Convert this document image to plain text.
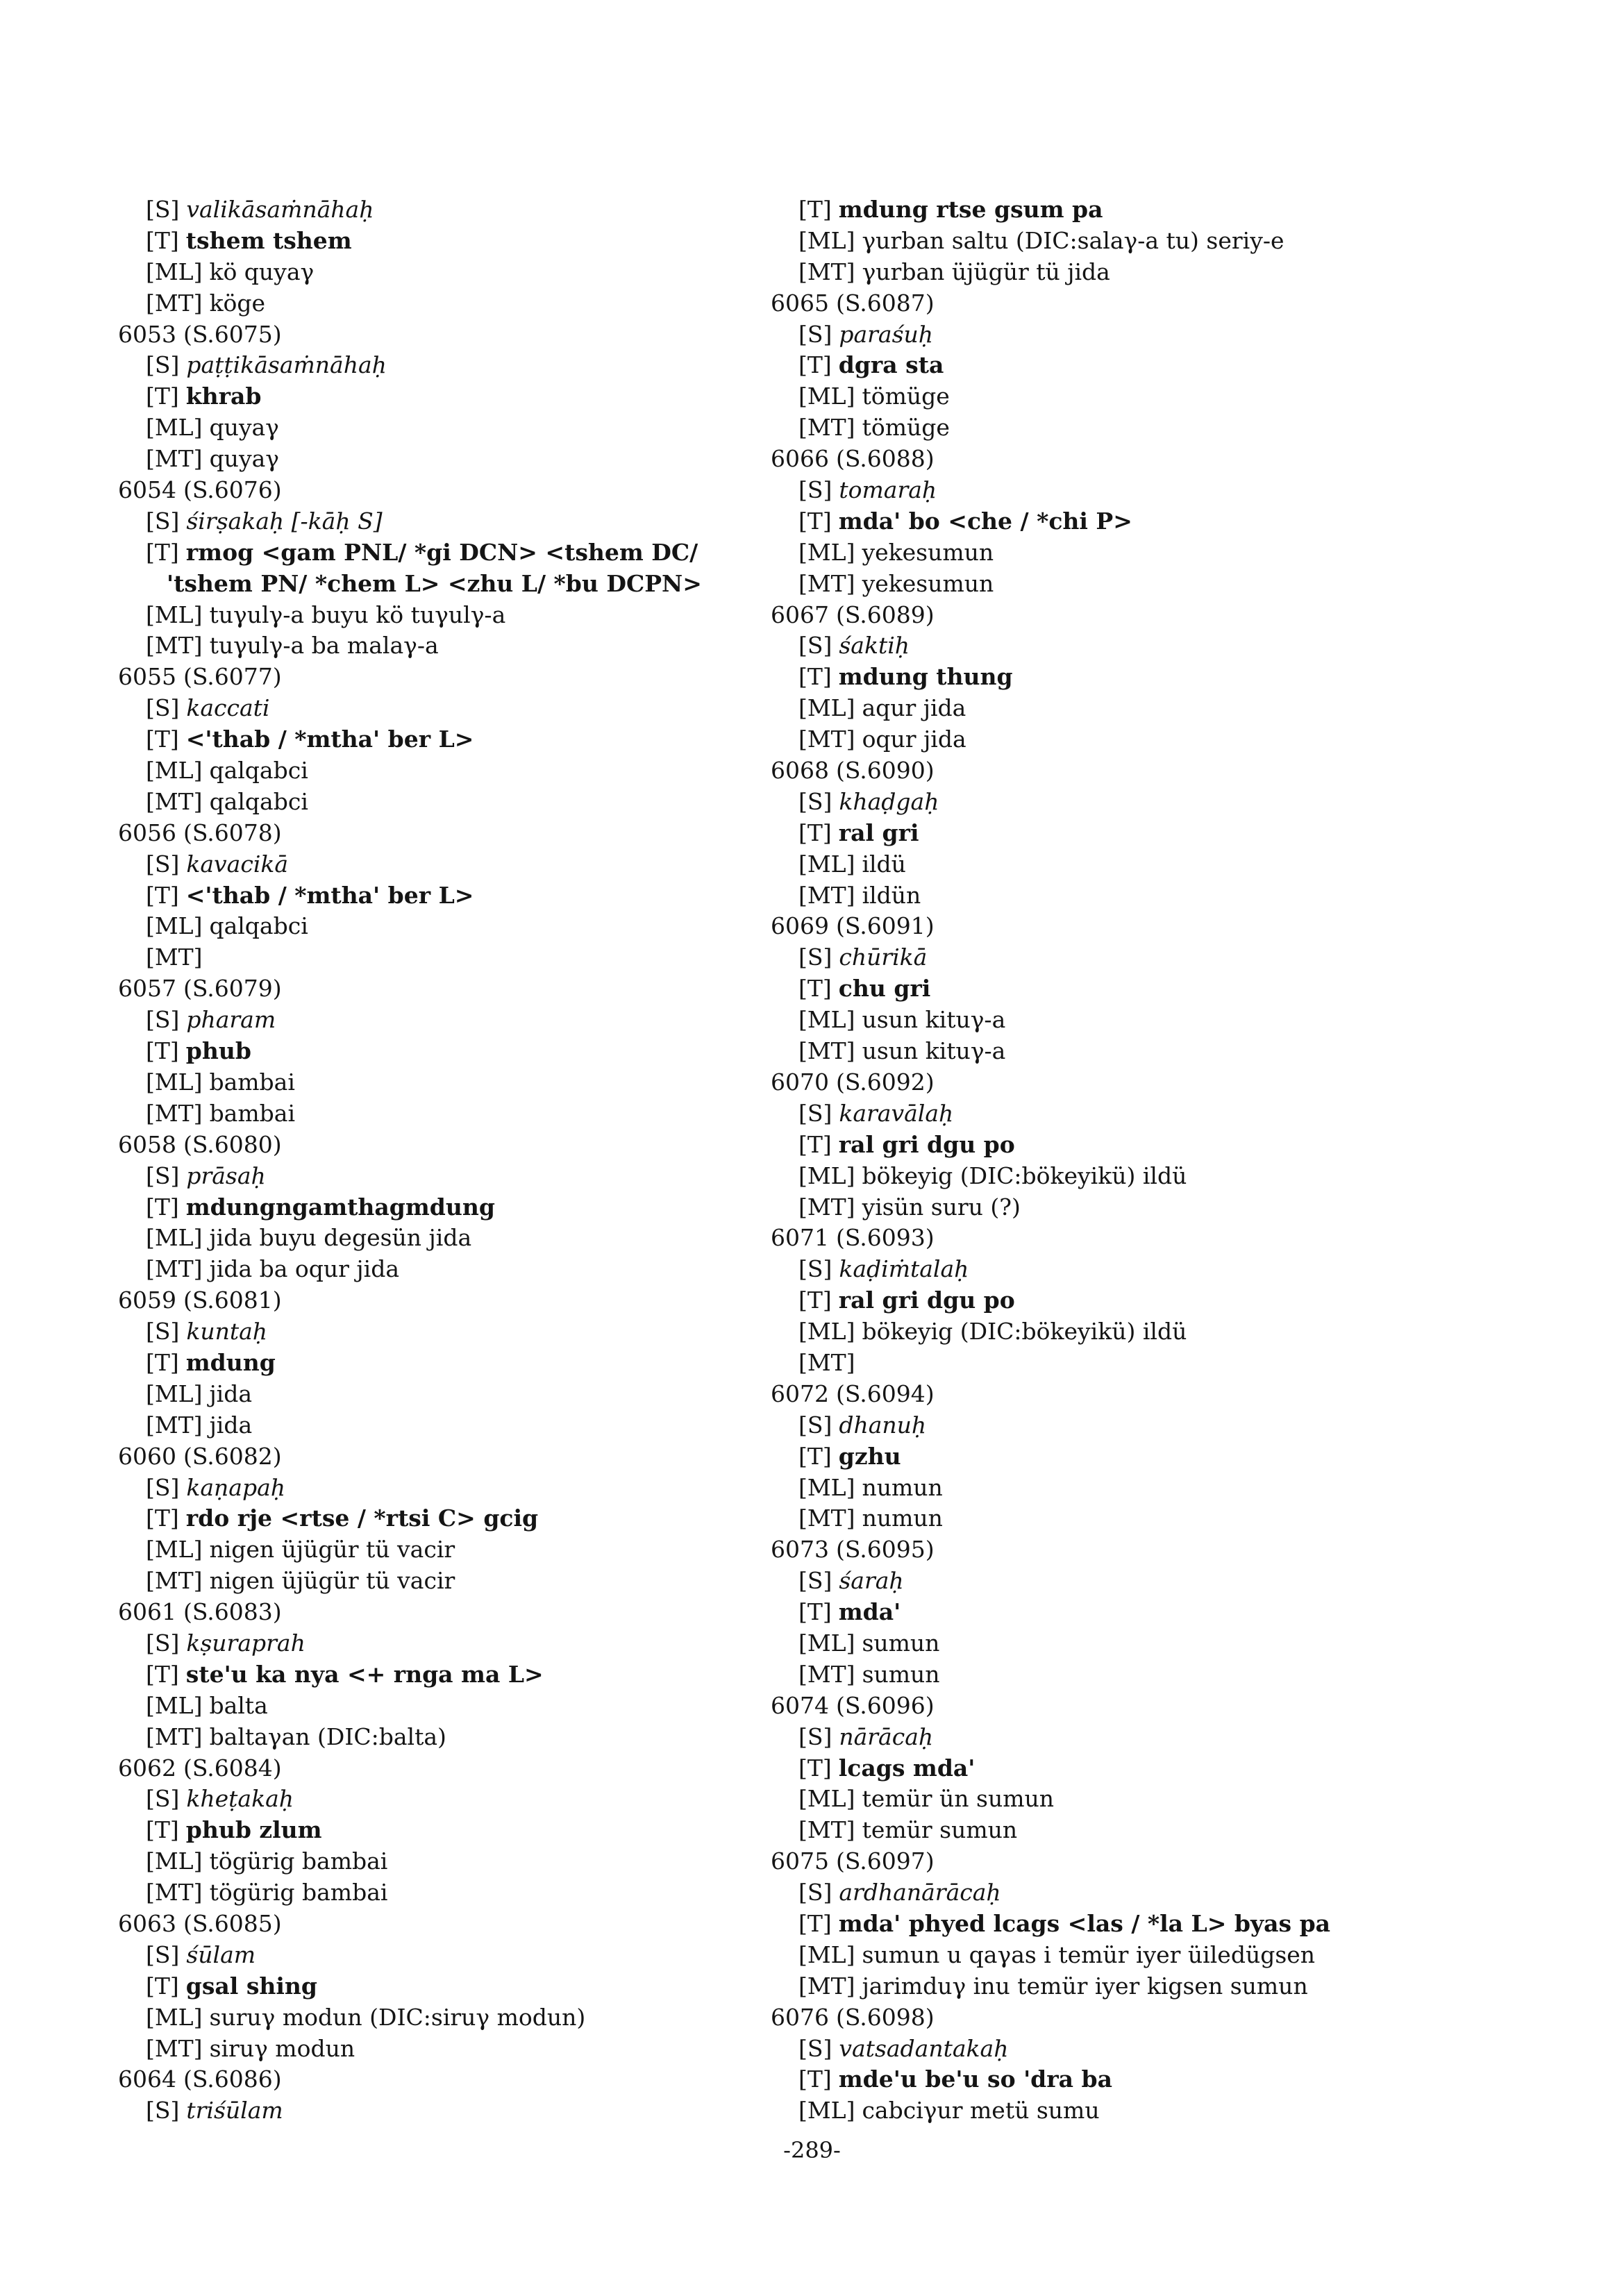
[S] valikāsaṁnāhaḥ
[T] tshem tshem
[ML] kö quyaγ
[MT] köge
6053 (S.6075)
[S] paṭṭikāsaṁnāhaḥ
[T] khrab
[ML] quyaγ
[MT] quyaγ
6054 (S.6076)
[S] śirṣakaḥ [-kāḥ S]
[T] rmog <gam PNL/ *gi DCN> <tshem DC/
'tshem PN/ *chem L> <zhu L/ *bu DCPN>
[ML] tuγulγ-a buyu kö tuγulγ-a
[MT] tuγulγ-a ba malaγ-a
6055 (S.6077)
[S] kaccati
[T] <'thab / *mtha' ber L>
[ML] qalqabci
[MT] qalqabci
6056 (S.6078)
[S] kavacikā
[T] <'thab / *mtha' ber L>
[ML] qalqabci
[MT]
6057 (S.6079)
[S] pharam
[T] phub
[ML] bambai
[MT] bambai
6058 (S.6080)
[S] prāsaḥ
[T] mdungngamthagmdung
[ML] jida buyu degesün jida
[MT] jida ba oqur jida
6059 (S.6081)
[S] kuntaḥ
[T] mdung
[ML] jida
[MT] jida
6060 (S.6082)
[S] kaṇapaḥ
[T] rdo rje <rtse / *rtsi C> gcig
[ML] nigen üjügür tü vacir
[MT] nigen üjügür tü vacir
6061 (S.6083)
[S] kṣuraprah
[T] ste'u ka nya <+ rnga ma L>
[ML] balta
[MT] baltaγan (DIC:balta)
6062 (S.6084)
[S] kheṭakaḥ
[T] phub zlum
[ML] tögürig bambai
[MT] tögürig bambai
6063 (S.6085)
[S] śūlam
[T] gsal shing
[ML] suruγ modun (DIC:siruγ modun)
[MT] siruγ modun
6064 (S.6086)
[S] triśūlam
[T] mdung rtse gsum pa
[ML] γurban saltu (DIC:salaγ-a tu) seriy-e
[MT] γurban üjügür tü jida
6065 (S.6087)
[S] paraśuḥ
[T] dgra sta
[ML] tömüge
[MT] tömüge
6066 (S.6088)
[S] tomaraḥ
[T] mda' bo <che / *chi P>
[ML] yekesumun
[MT] yekesumun
6067 (S.6089)
[S] śaktiḥ
[T] mdung thung
[ML] aqur jida
[MT] oqur jida
6068 (S.6090)
[S] khaḍgaḥ
[T] ral gri
[ML] ildü
[MT] ildün
6069 (S.6091)
[S] chūrikā
[T] chu gri
[ML] usun kituγ-a
[MT] usun kituγ-a
6070 (S.6092)
[S] karavālaḥ
[T] ral gri dgu po
[ML] bökeyig (DIC:bökeyikü) ildü
[MT] yisün suru (?)
6071 (S.6093)
[S] kaḍiṁtalaḥ
[T] ral gri dgu po
[ML] bökeyig (DIC:bökeyikü) ildü
[MT]
6072 (S.6094)
[S] dhanuḥ
[T] gzhu
[ML] numun
[MT] numun
6073 (S.6095)
[S] śaraḥ
[T] mda'
[ML] sumun
[MT] sumun
6074 (S.6096)
[S] nārācaḥ
[T] lcags mda'
[ML] temür ün sumun
[MT] temür sumun
6075 (S.6097)
[S] ardhanārācaḥ
[T] mda' phyed lcags <las / *la L> byas pa
[ML] sumun u qaγas i temür iyer üiledügsen
[MT] jarimduγ inu temür iyer kigsen sumun
6076 (S.6098)
[S] vatsadantakaḥ
[T] mde'u be'u so 'dra ba
[ML] cabciγur metü sumu
-289-
